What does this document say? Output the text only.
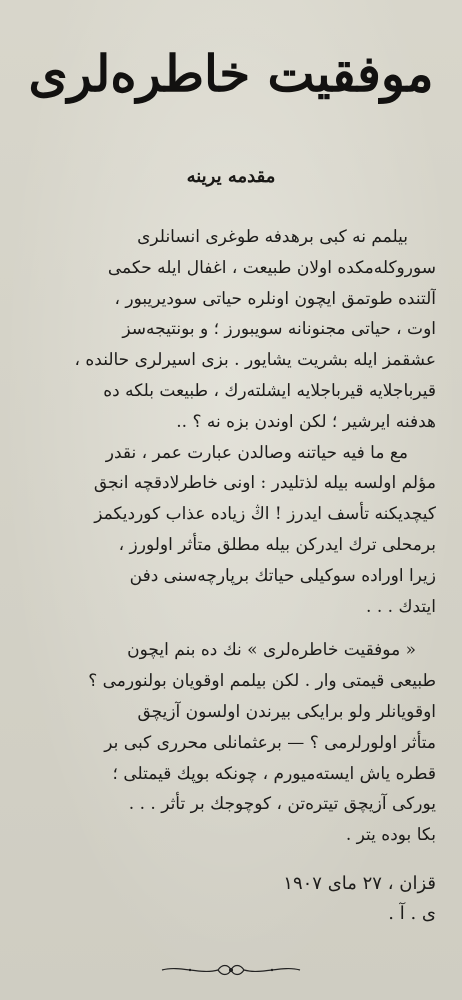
موفقیت خاطره‌لری
مقدمه یرینه
بیلمم نه کبی برهدفه طوغری انسانلری
سوروکله‌مکده اولان طبیعت ، اغفال ایله حکمی
آلتنده طوتمق ایچون اونلره حیاتی سودیریبور ،
اوت ، حیاتی مجنونانه سویبورز ؛ و بونتیجه‌سز
عشقمز ایله بشریت یشایور . بزی اسیرلری حالنده ،
قیرباجلایه قیرباجلایه ایشلته‌رك ، طبیعت بلکه ده
هدفنه ایرشیر ؛ لکن اوندن بزه نه ؟ ..
مع ما فیه حیاتنه وصالدن عبارت عمر ، نقدر
مؤلم اولسه بیله لذتلیدر : اونی خاطرلادقچه انجق
کیچدیکنه تأسف ایدرز ! اڭ زیاده عذاب کوردیکمز
برمحلی ترك ایدرکن بیله مطلق متأثر اولورز ،
زیرا اوراده سوکیلی حیاتك برپارچه‌سنی دفن
ایتدك . . .
« موفقیت خاطره‌لری » نك ده بنم ایچون
طبیعی قیمتی وار . لکن بیلمم اوقویان بولنورمی ؟
اوقویانلر ولو برایکی بیرندن اولسون آزیچق
متأثر اولورلرمی ؟ — برعثمانلی محرری کبی بر
قطره یاش ایسته‌میورم ، چونکه بوپك قیمتلی ؛
یورکی آزیچق تیتره‌تن ، کوچوجك بر تأثر . . .
بکا بوده یتر .
قزان ، ۲۷ مای ۱۹۰۷
ی . آ .
